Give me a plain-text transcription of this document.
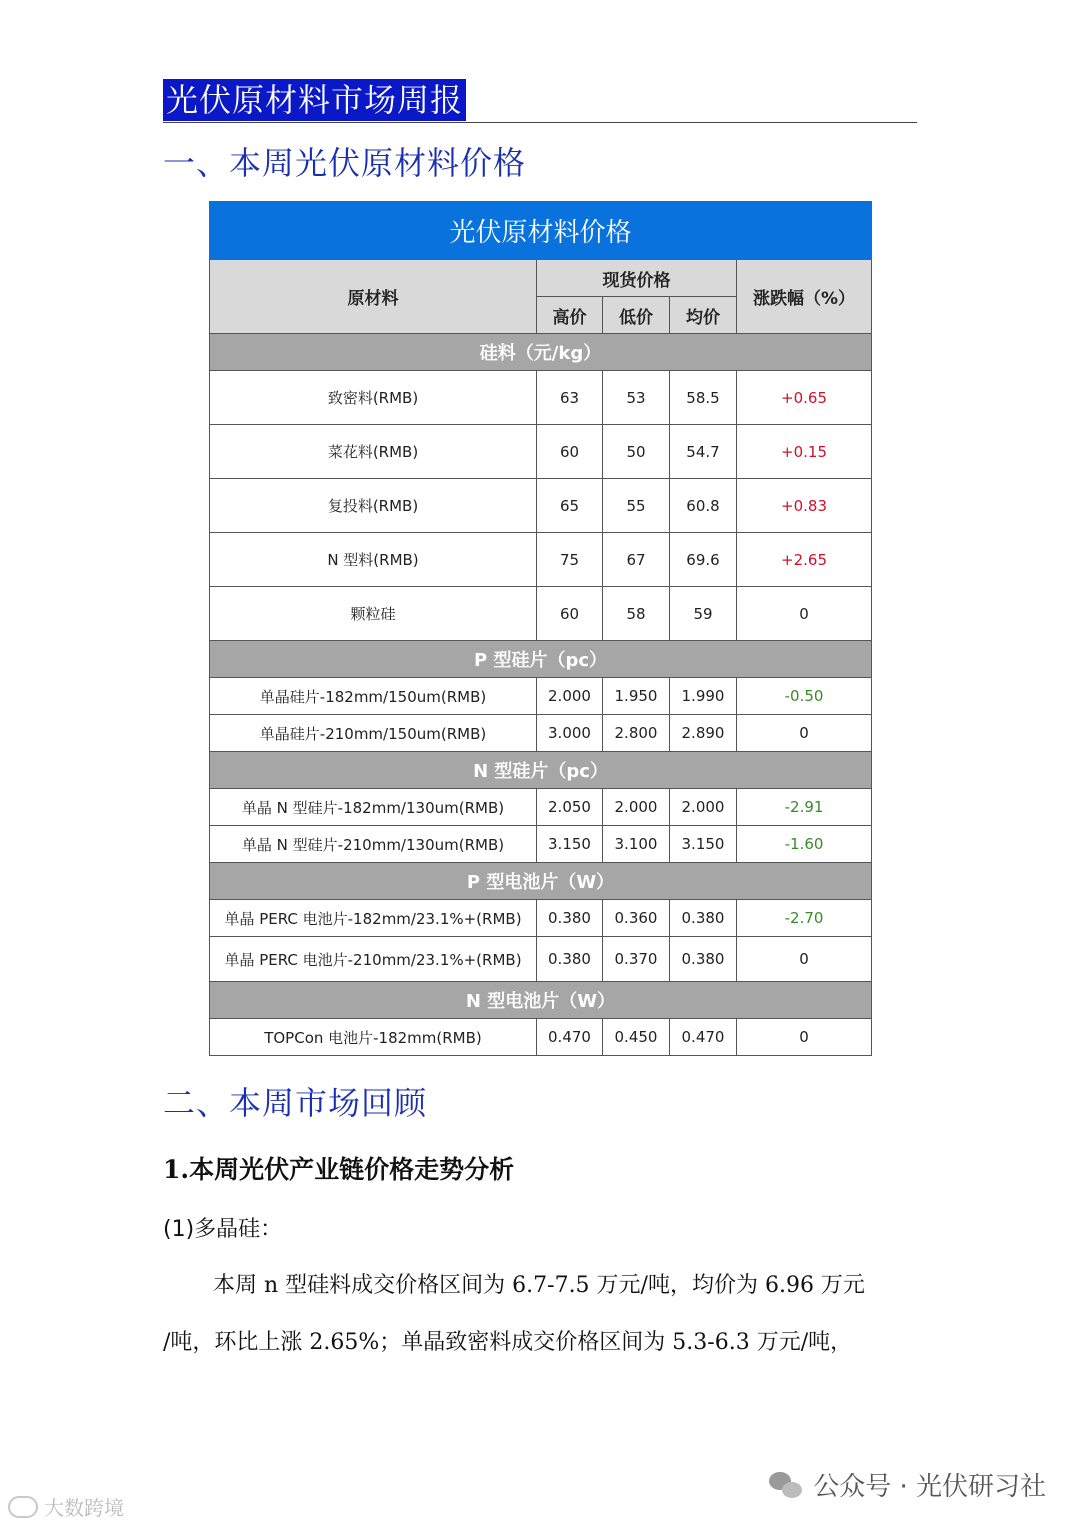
光伏原材料市场周报
一、本周光伏原材料价格
光伏原材料价格				
原材料	现货价格			涨跌幅（%）
	高价	低价	均价	
硅料（元/kg）				
致密料(RMB)	63	53	58.5	+0.65
菜花料(RMB)	60	50	54.7	+0.15
复投料(RMB)	65	55	60.8	+0.83
N 型料(RMB)	75	67	69.6	+2.65
颗粒硅	60	58	59	0
P 型硅片（pc）				
单晶硅片-182mm/150um(RMB)	2.000	1.950	1.990	-0.50
单晶硅片-210mm/150um(RMB)	3.000	2.800	2.890	0
N 型硅片（pc）				
单晶 N 型硅片-182mm/130um(RMB)	2.050	2.000	2.000	-2.91
单晶 N 型硅片-210mm/130um(RMB)	3.150	3.100	3.150	-1.60
P 型电池片（W）				
单晶 PERC 电池片-182mm/23.1%+(RMB)	0.380	0.360	0.380	-2.70
单晶 PERC 电池片-210mm/23.1%+(RMB)	0.380	0.370	0.380	0
N 型电池片（W）				
TOPCon 电池片-182mm(RMB)	0.470	0.450	0.470	0
二、本周市场回顾
1.本周光伏产业链价格走势分析
(1)多晶硅：
本周 n 型硅料成交价格区间为 6.7-7.5 万元/吨，均价为 6.96 万元
/吨，环比上涨 2.65%；单晶致密料成交价格区间为 5.3-6.3 万元/吨，
公众号 · 光伏研习社
大数跨境
